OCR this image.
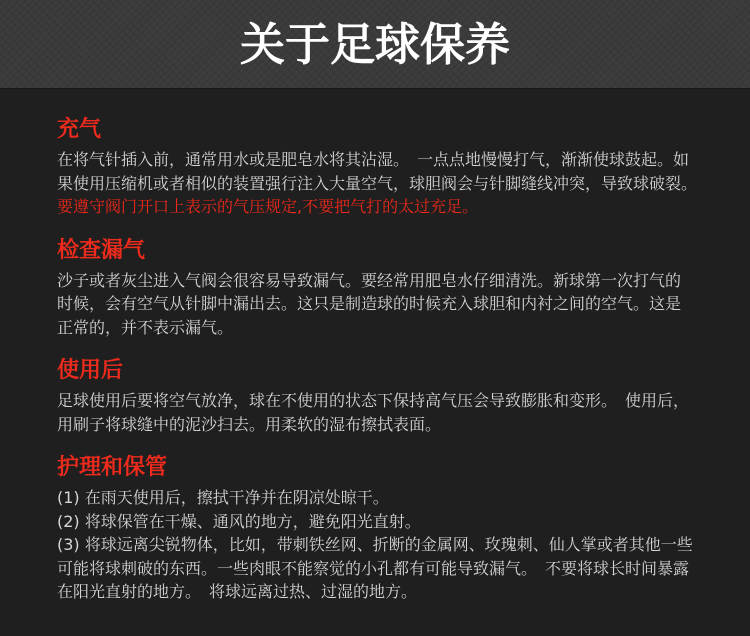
关于足球保养
充气

在将气针插入前，通常用水或是肥皂水将其沾湿。　一点点地慢慢打气，渐渐使球鼓起。如果使用压缩机或者相似的装置强行注入大量空气，球胆阀会与针脚缝线冲突，导致球破裂。　要遵守阀门开口上表示的气压规定,不要把气打的太过充足。

检查漏气

沙子或者灰尘进入气阀会很容易导致漏气。要经常用肥皂水仔细清洗。新球第一次打气的时候，会有空气从针脚中漏出去。这只是制造球的时候充入球胆和内衬之间的空气。这是正常的，并不表示漏气。

使用后

足球使用后要将空气放净，球在不使用的状态下保持高气压会导致膨胀和变形。　使用后，用刷子将球缝中的泥沙扫去。用柔软的湿布擦拭表面。

护理和保管

(1) 在雨天使用后，擦拭干净并在阴凉处晾干。

(2) 将球保管在干燥、通风的地方，避免阳光直射。

(3) 将球远离尖锐物体，比如，带刺铁丝网、折断的金属网、玫瑰刺、仙人掌或者其他一些可能将球刺破的东西。一些肉眼不能察觉的小孔都有可能导致漏气。　不要将球长时间暴露在阳光直射的地方。　将球远离过热、过湿的地方。
